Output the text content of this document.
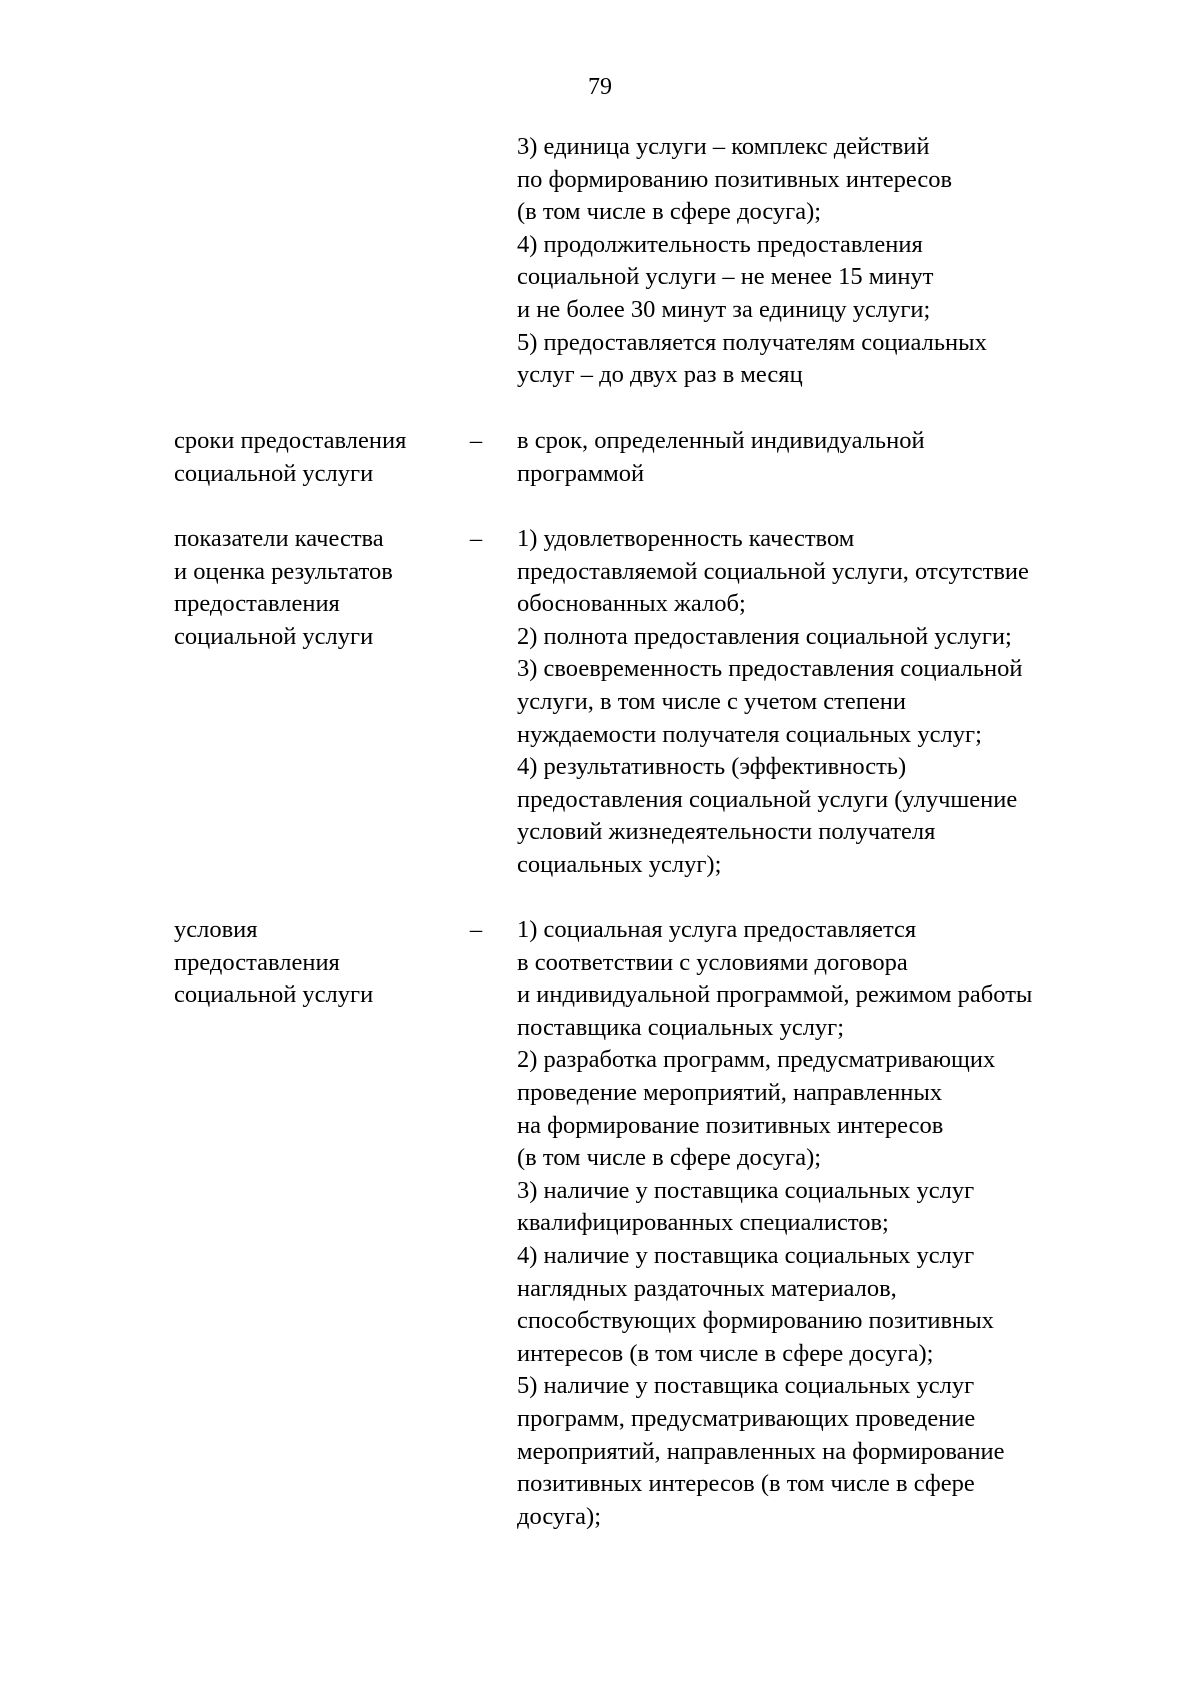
79
3) единица услуги – комплекс действий
по формированию позитивных интересов
(в том числе в сфере досуга);
4) продолжительность предоставления
социальной услуги – не менее 15 минут
и не более 30 минут за единицу услуги;
5) предоставляется получателям социальных
услуг – до двух раз в месяц
сроки предоставления
социальной услуги
– в срок, определенный индивидуальной
программой
показатели качества
и оценка результатов
предоставления
социальной услуги
– 1) удовлетворенность качеством
предоставляемой социальной услуги, отсутствие
обоснованных жалоб;
2) полнота предоставления социальной услуги;
3) своевременность предоставления социальной
услуги, в том числе с учетом степени
нуждаемости получателя социальных услуг;
4) результативность (эффективность)
предоставления социальной услуги (улучшение
условий жизнедеятельности получателя
социальных услуг);
условия
предоставления
социальной услуги
– 1) социальная услуга предоставляется
в соответствии с условиями договора
и индивидуальной программой, режимом работы
поставщика социальных услуг;
2) разработка программ, предусматривающих
проведение мероприятий, направленных
на формирование позитивных интересов
(в том числе в сфере досуга);
3) наличие у поставщика социальных услуг
квалифицированных специалистов;
4) наличие у поставщика социальных услуг
наглядных раздаточных материалов,
способствующих формированию позитивных
интересов (в том числе в сфере досуга);
5) наличие у поставщика социальных услуг
программ, предусматривающих проведение
мероприятий, направленных на формирование
позитивных интересов (в том числе в сфере
досуга);
